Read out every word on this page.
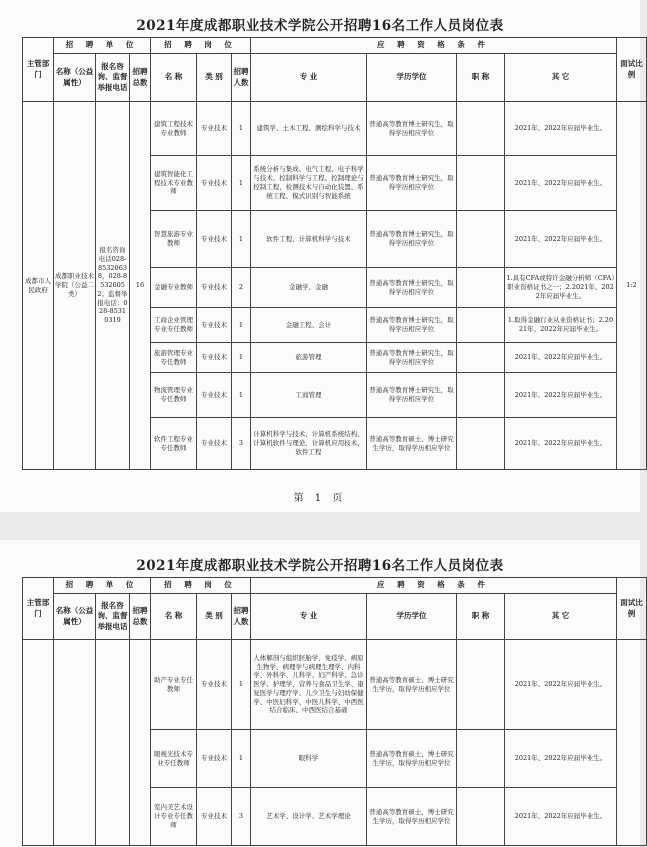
2021年度成都职业技术学院公开招聘16名工作人员岗位表
主管部门	招 聘 单 位			招 聘 岗 位			应 聘 资 格 条 件				面试比例
	名称（公益属性）	报名咨询、监督举报电话	招聘总数	名 称	类 别	招聘人数	专 业	学历学位	职 称	其 它	
成都市人民政府	成都职业技术学院（公益二类）	报名咨询电话028-85320638，028-85326052；监督举报电话：028-85310319	16	建筑工程技术专业教师	专业技术	1	建筑学、土木工程、测绘科学与技术	普通高等教育博士研究生，取得学历相应学位		2021年、2022年应届毕业生。	1:2
				建筑智能化工程技术专业教师	专业技术	1	系统分析与集成、电气工程、电子科学与技术、控制科学与工程、控制理论与控制工程、检测技术与自动化装置、系统工程、模式识别与智能系统	普通高等教育博士研究生，取得学历相应学位		2021年、2022年应届毕业生。	
				智慧旅游专业教师	专业技术	1	软件工程、计算机科学与技术	普通高等教育博士研究生，取得学历相应学位		2021年、2022年应届毕业生。	
				金融专业教师	专业技术	2	金融学、金融	普通高等教育博士研究生，取得学历相应学位		1.具有CFA或特许金融分析师（CFA）职业资格证书之一；2.2021年、2022年应届毕业生。	
				工商企业管理专业专任教师	专业技术	1	金融工程、会计	普通高等教育博士研究生，取得学历相应学位		1.取得金融行业从业资格证书；2.2021年、2022年应届毕业生。	
				旅游管理专业专任教师	专业技术	1	旅游管理	普通高等教育博士研究生，取得学历相应学位		2021年、2022年应届毕业生。	
				物流管理专业专任教师	专业技术	1	工商管理	普通高等教育博士研究生，取得学历相应学位		2021年、2022年应届毕业生。	
				软件工程专业专任教师	专业技术	3	计算机科学与技术、计算机系统结构、计算机软件与理论、计算机应用技术、软件工程	普通高等教育硕士、博士研究生学历，取得学历相应学位		2021年、2022年应届毕业生。	
第 1 页
2021年度成都职业技术学院公开招聘16名工作人员岗位表
主管部门	招 聘 单 位			招 聘 岗 位			应 聘 资 格 条 件				面试比例
	名称（公益属性）	报名咨询、监督举报电话	招聘总数	名 称	类 别	招聘人数	专 业	学历学位	职 称	其 它	
				助产专业专任教师	专业技术	1	人体解剖与组织胚胎学、免疫学、病原生物学、病理学与病理生理学、内科学、外科学、儿科学、妇产科学、急诊医学、护理学、营养与食品卫生学、康复医学与理疗学、儿少卫生与妇幼保健学、中医妇科学、中医儿科学、中西医结合临床、中西医结合基础	普通高等教育硕士、博士研究生学历，取得学历相应学位		2021年、2022年应届毕业生。	
				眼视光技术专业专任教师	专业技术	1	眼科学	普通高等教育硕士、博士研究生学历，取得学历相应学位		2021年、2022年应届毕业生。	
				室内美艺术设计专业专任教师	专业技术	3	艺术学、设计学、艺术学理论	普通高等教育硕士、博士研究生学历，取得学历相应学位		2021年、2022年应届毕业生。	
